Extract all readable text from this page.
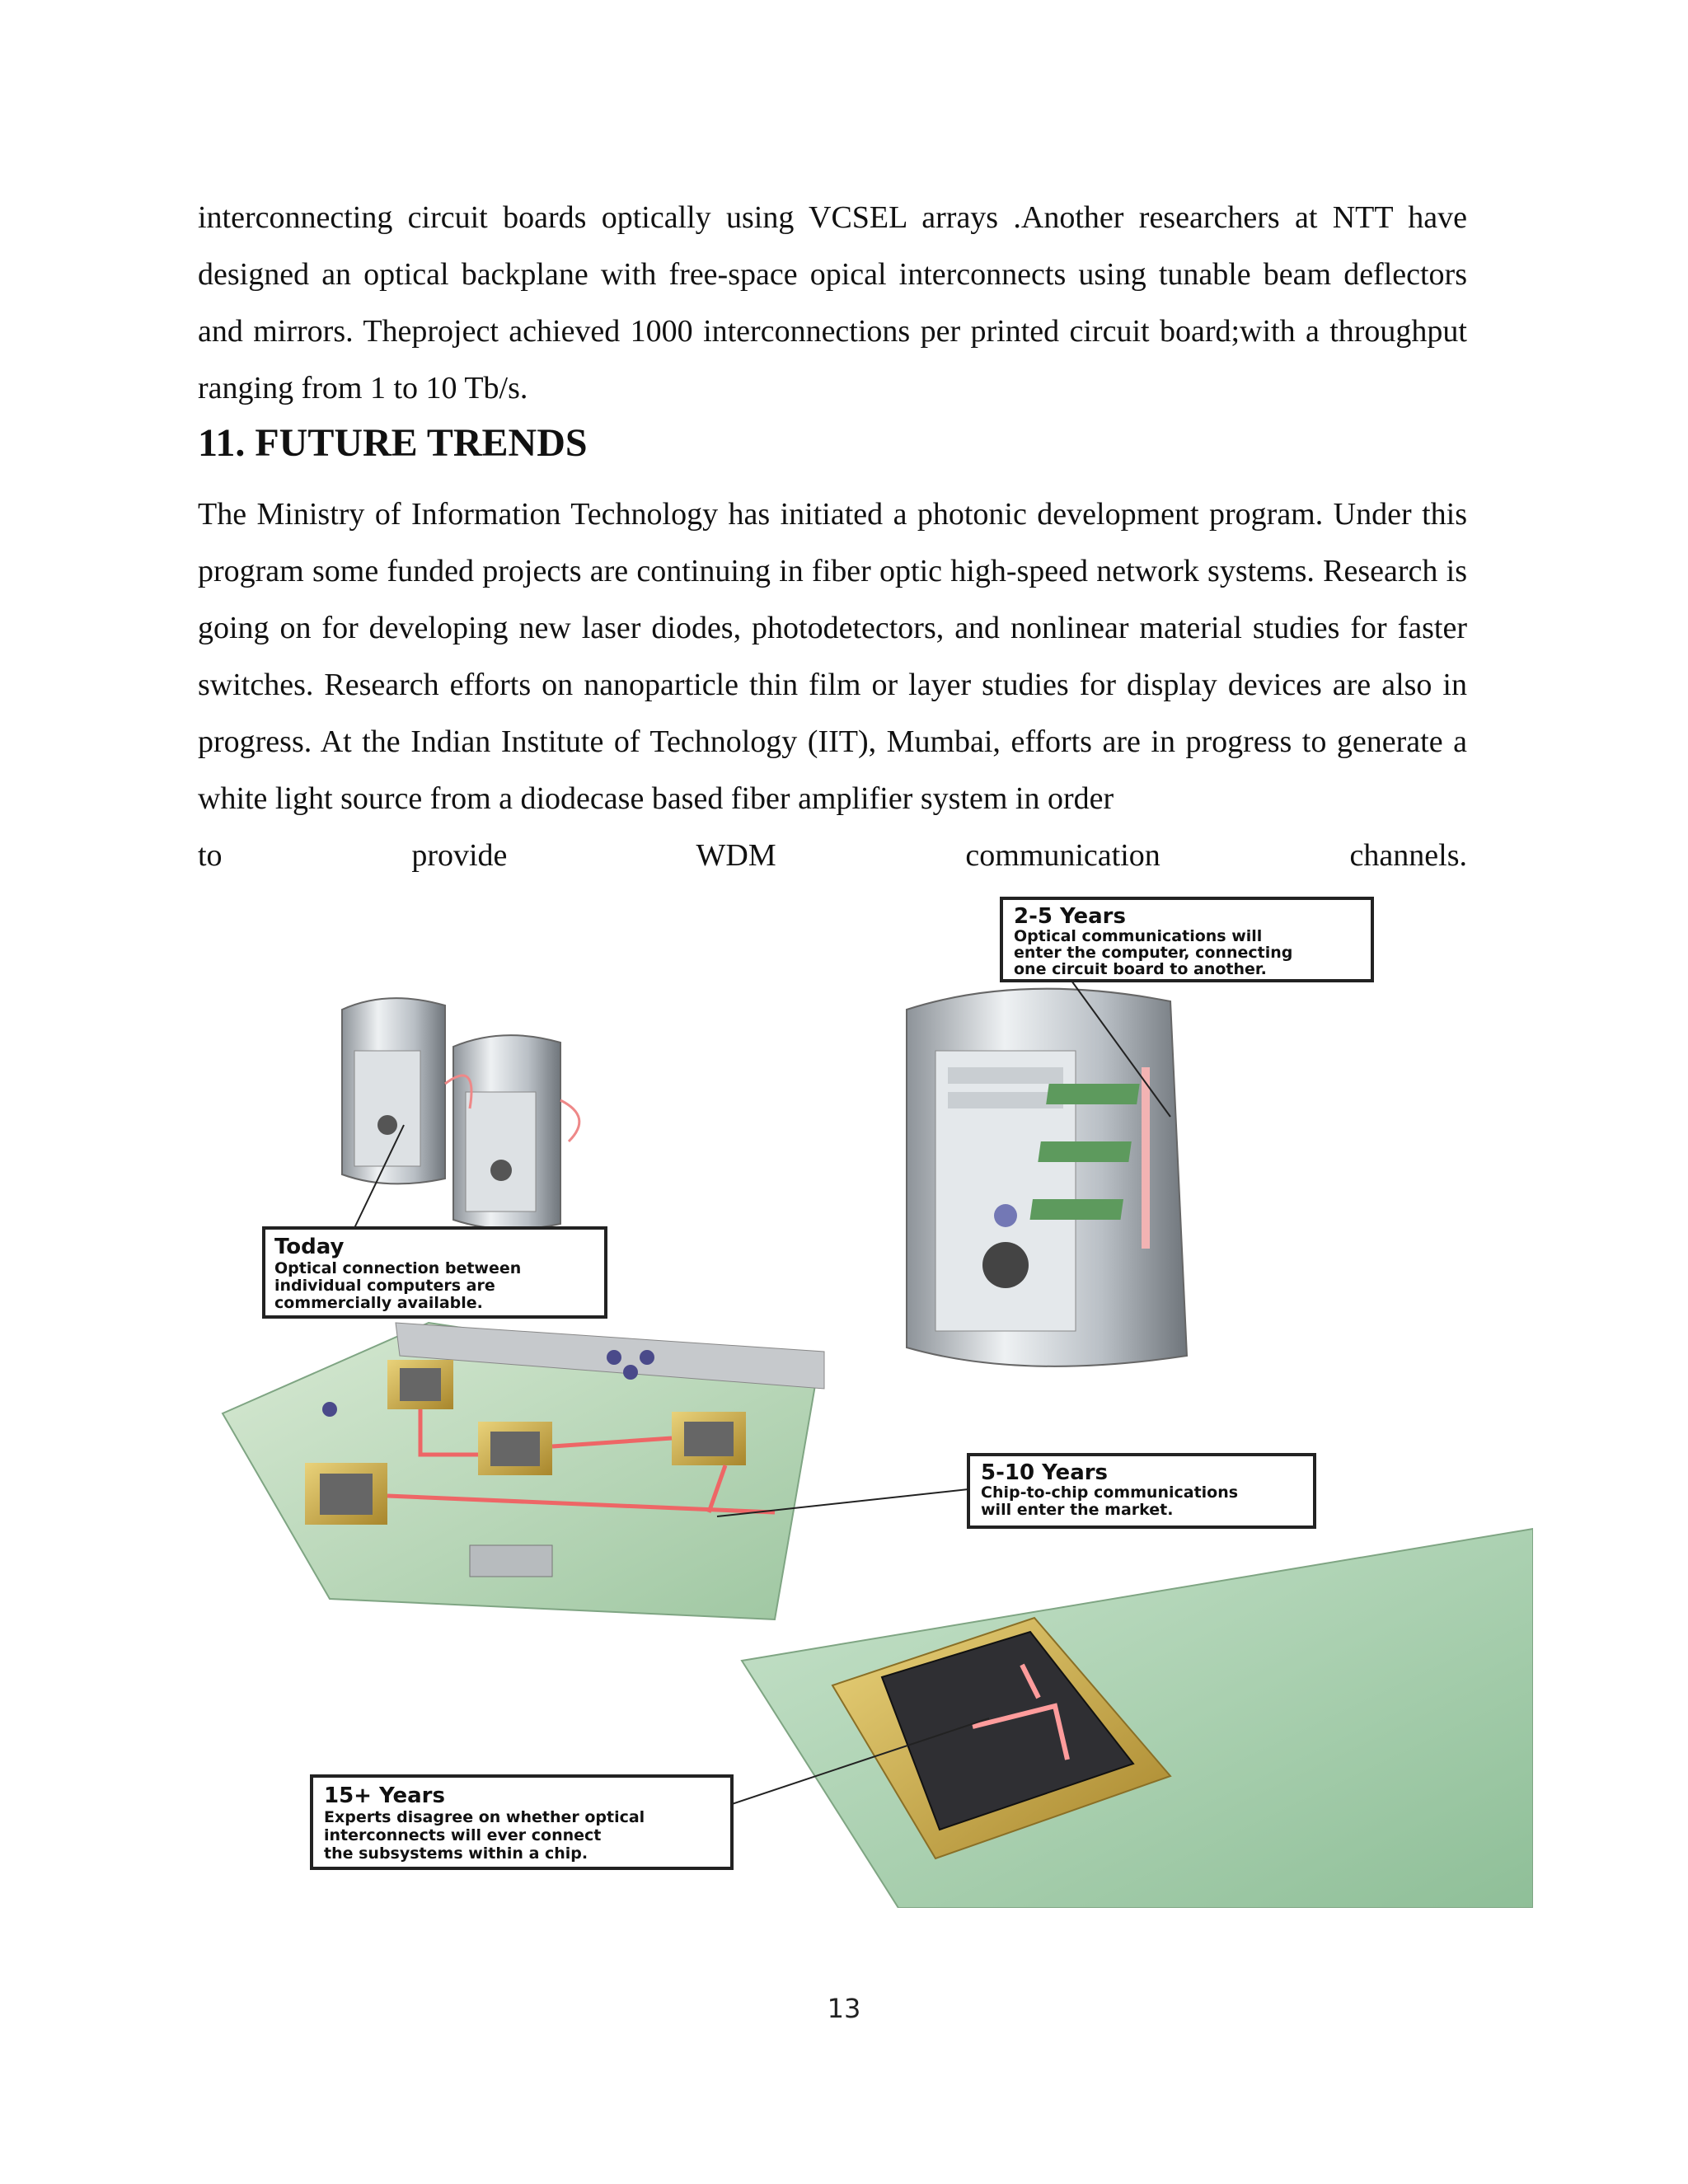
interconnecting circuit boards optically using VCSEL arrays .Another researchers at NTT have designed an optical backplane with free-space opical interconnects using tunable beam deflectors and mirrors. Theproject achieved 1000 interconnections per printed circuit board;with a throughput ranging from 1 to 10 Tb/s.

11. FUTURE TRENDS

The Ministry of Information Technology has initiated a photonic development program. Under this program some funded projects are continuing in fiber optic high-speed network systems. Research is going on for developing new laser diodes, photodetectors, and nonlinear material studies for faster switches. Research efforts on nanoparticle thin film or layer studies for display devices are also in progress. At the Indian Institute of Technology (IIT), Mumbai, efforts are in progress to generate a white light source from a diodecase based fiber amplifier system in order
to provide WDM communication channels.

Today
Optical connection between
individual computers are
commercially available.
2-5 Years
Optical communications will
enter the computer, connecting
one circuit board to another.
5-10 Years
Chip-to-chip communications
will enter the market.
15+ Years
Experts disagree on whether optical
interconnects will ever connect
the subsystems within a chip.
13
